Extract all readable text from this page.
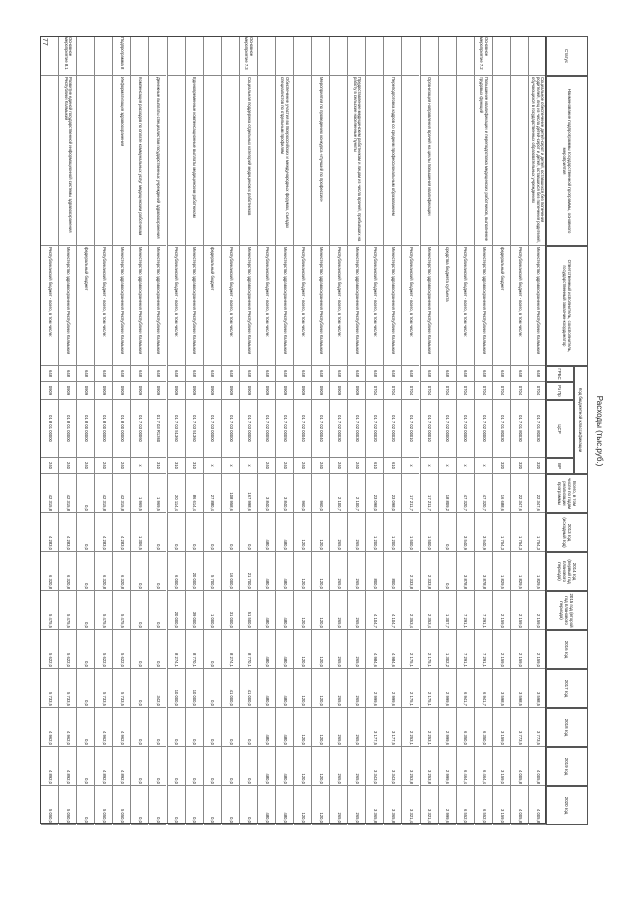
Расходы (тыс.руб.)
Статус
Наименование подпрограммы государственной программы, основного мероприятия
Ответственный исполнитель, соисполнитель, государственный заказчик-координатор
Код бюджетной классификации
ГРБС
Рз Пр
ЦСР
ВР
Всего, в том числе по годам реализации программы
2013 год (исходный год)
2014 год (первый год планового периода)
2015 год (второй год планового периода)
2016 год
2017 год
2018 год
2019 год
2020 год
Социальное обеспечение детей-сирот и детей, оставшихся без попечения родителей, лиц из числа детей-сирот и детей, оставшихся без попечения родителей, обучающихся в государственных образовательных учреждениях
Министерство здравоохранения Республики Калмыкия
648
0704
01 7 01 80030
320
22 347,6
1 754,3
1 829,5
2 159,0
2 159,0
3 598,5
3 773,5
4 005,8
4 005,8
Республиканский бюджет - всего, в том числе:
648
0704
01 7 01 80030
320
22 347,6
1 754,3
1 829,5
2 159,0
2 159,0
3 598,5
3 773,5
4 005,8
4 005,8
федеральный бюджет
648
0704
01 7 01 80030
320
16 688,6
1 754,3
1 829,5
2 159,0
2 159,0
3 598,5
3 159,0
3 159,0
3 159,0
Основное мероприятие 7.2
Повышение квалификации и переподготовка медицинских работников, выполнение трудовых функций
Министерство здравоохранения Республики Калмыкия
648
0704
01 7 02 00000
x
47 320,7
3 540,9
3 878,8
7 291,1
7 291,1
6 941,7
6 350,0
6 464,4
6 552,0
Республиканский бюджет - всего, в том числе:
648
0704
01 7 02 00000
x
47 320,7
3 540,9
3 878,8
7 291,1
7 291,1
6 941,7
6 350,0
6 464,4
6 552,0
средства бюджета субъекта
648
0704
01 7 02 00000
x
18 809,2
0,0
0,0
1 307,7
1 302,2
2 999,6
2 999,6
2 999,6
2 999,6
Организация направления врачей на циклы повышения квалификации
Министерство здравоохранения Республики Калмыкия
648
0704
01 7 02 00010
x
17 211,7
1 500,0
2 333,8
2 353,4
2 175,1
2 175,1
2 253,1
3 253,8
3 321,4
Республиканский бюджет - всего, в том числе:
648
0704
01 7 02 00010
x
17 211,7
1 500,0
2 333,8
2 353,4
2 175,1
2 175,1
2 253,1
3 253,8
3 321,4
Переподготовка кадров со средним профессиональным образованием
Министерство здравоохранения Республики Калмыкия
648
0704
01 7 02 00020
610
23 098,0
1 200,0
800,0
4 104,7
4 984,6
2 999,6
3 177,5
3 343,0
3 365,8
Республиканский бюджет - всего, в том числе:
648
0704
01 7 02 00020
610
23 098,0
1 200,0
800,0
4 104,7
4 984,6
2 999,6
3 177,5
3 343,0
3 365,8
Предоставление медицинским работникам и лицам из числа врачей, прибывших на работу в сельские населенные пункты
Министерство здравоохранения Республики Калмыкия
648
0909
01 7 02 00030
240
2 100,7
265,0
265,0
265,0
265,0
265,0
265,0
265,0
265,0
Республиканский бюджет - всего, в том числе:
648
0909
01 7 02 00030
240
2 100,7
265,0
265,0
265,0
265,0
265,0
265,0
265,0
265,0
Мероприятия по проведению конкурса «Лучший по профессии»
Министерство здравоохранения Республики Калмыкия
648
0909
01 7 02 00040
240
960,0
120,0
120,0
120,0
120,0
120,0
120,0
120,0
120,0
Республиканский бюджет - всего, в том числе:
648
0909
01 7 02 00040
240
960,0
120,0
120,0
120,0
120,0
120,0
120,0
120,0
120,0
Обеспечение участия во Всероссийских и международных форумах, съездах специалистов по отдельным профилям
Министерство здравоохранения Республики Калмыкия
648
0909
01 7 02 00050
240
3 840,0
480,0
480,0
480,0
480,0
480,0
480,0
480,0
480,0
Республиканский бюджет - всего, в том числе:
648
0909
01 7 02 00050
240
3 840,0
480,0
480,0
480,0
480,0
480,0
480,0
480,0
480,0
Основное мероприятие 7.3
Социальная поддержка отдельных категорий медицинских работников
Министерство здравоохранения Республики Калмыкия
648
0909
01 7 03 00000
x
167 998,6
0,0
21 700,0
51 500,0
8 770,1
41 000,0
0,0
0,0
0,0
Республиканский бюджет - всего, в том числе:
648
0909
01 7 03 00000
x
108 958,6
0,0
16 000,0
31 000,0
8 274,1
41 000,0
0,0
0,0
0,0
федеральный бюджет
648
0909
01 7 03 00000
x
27 880,4
0,0
5 700,0
1 000,0
0,0
0,0
0,0
0,0
0,0
Единовременные компенсационные выплаты медицинским работникам
Министерство здравоохранения Республики Калмыкия
648
0909
01 7 03 51360
310
86 614,4
0,0
20 000,0
39 000,0
8 770,1
10 000,0
0,0
0,0
0,0
Республиканский бюджет - всего, в том числе:
648
0909
01 7 03 51360
310
20 114,4
0,0
6 000,0
20 000,0
8 274,1
10 000,0
0,0
0,0
0,0
Денежные выплаты специалистам государственных учреждений здравоохранения
Министерство здравоохранения Республики Калмыкия
648
0909
01 7 03 R1360
310
1 969,5
0,0
0,0
0,0
0,0
342,0
0,0
0,0
0,0
Компенсация расходов по оплате коммунальных услуг медицинским работникам
Министерство здравоохранения Республики Калмыкия
648
0909
01 7 03 00060
x
1 969,5
1 306,5
0,0
0,0
0,0
0,0
0,0
0,0
0,0
Подпрограмма 8
Информатизация здравоохранения
Министерство здравоохранения Республики Калмыкия
648
0909
01 8 00 00000
240
42 315,8
4 283,0
6 320,8
5 475,5
5 622,0
5 733,5
4 962,0
4 892,0
5 050,0
Республиканский бюджет - всего, в том числе:
648
0909
01 8 00 00000
240
42 315,8
4 283,0
6 320,8
5 475,5
5 622,0
5 733,5
4 962,0
4 892,0
5 050,0
федеральный бюджет
648
0909
01 8 00 00000
240
0,0
0,0
0,0
0,0
0,0
0,0
0,0
0,0
0,0
Основное мероприятие 8.1
Развитие единой государственной информационной системы здравоохранения Республики Калмыкия
Министерство здравоохранения Республики Калмыкия
648
0909
01 8 01 00000
240
42 315,8
4 283,0
6 320,8
5 475,5
5 622,0
5 733,5
4 962,0
4 892,0
5 050,0
Республиканский бюджет - всего, в том числе:
648
0909
01 8 01 00000
240
42 315,8
4 283,0
6 320,8
5 475,5
5 622,0
5 733,5
4 962,0
4 892,0
5 050,0
77
